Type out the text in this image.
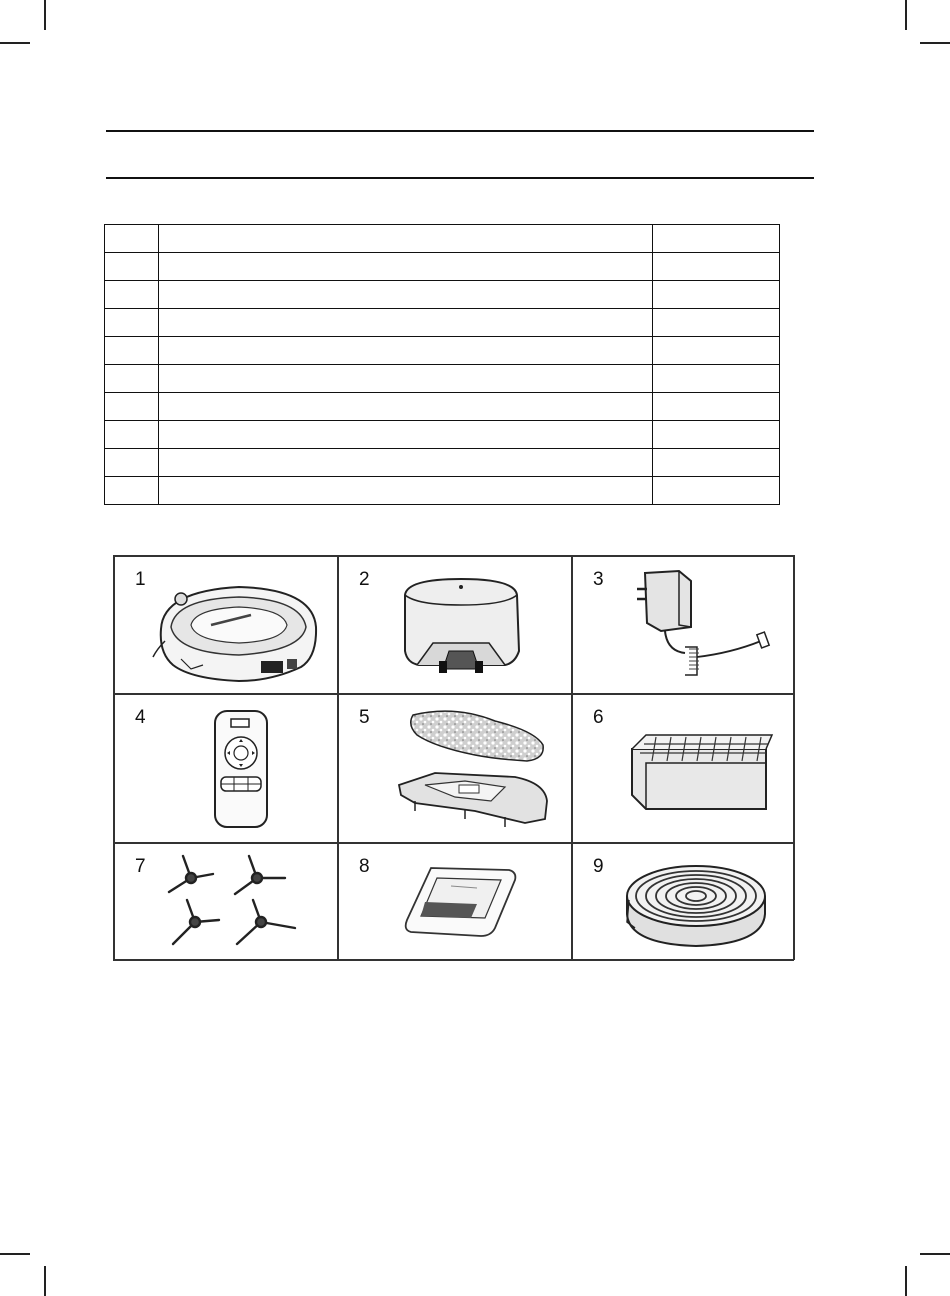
1	2	3
4	5	6
7	8	9
